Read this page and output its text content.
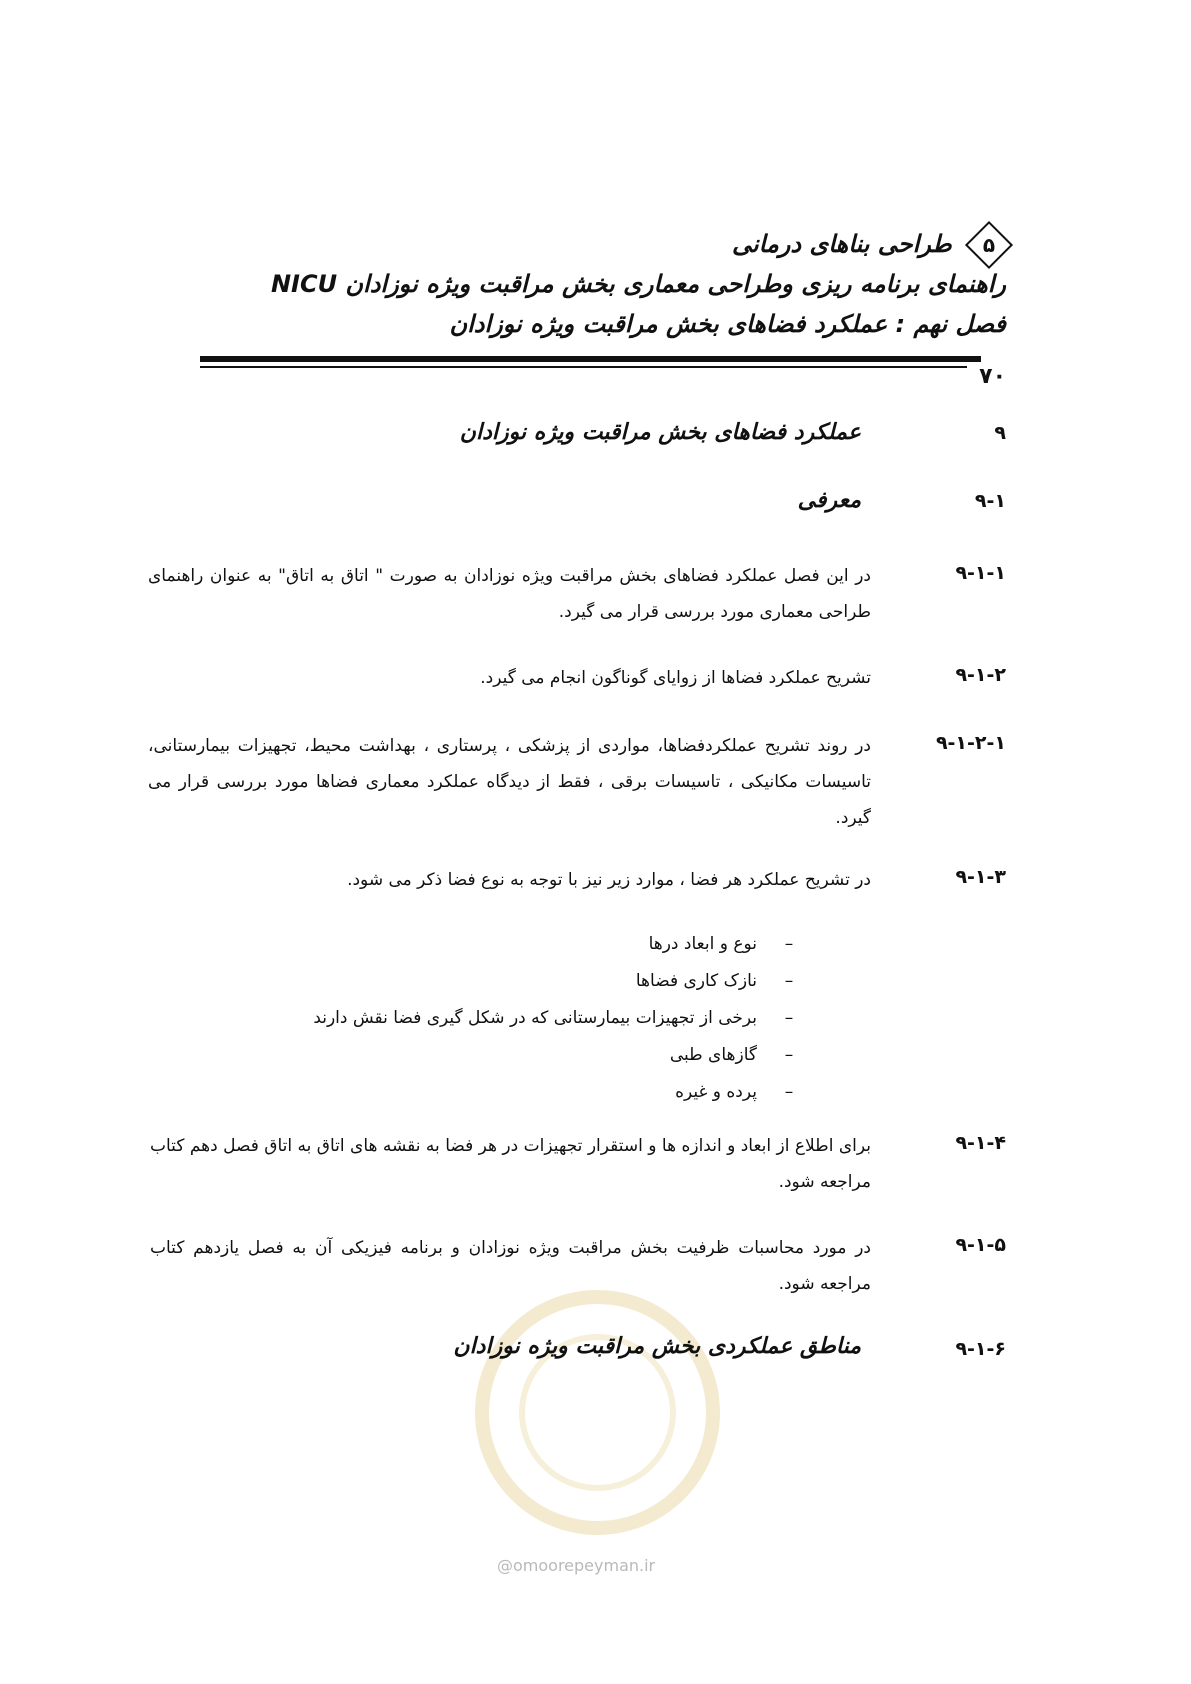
۵
طراحی بناهای درمانی
راهنمای برنامه ریزی وطراحی معماری بخش مراقبت ویژه نوزادان NICU
فصل نهم : عملکرد فضاهای بخش مراقبت ویژه نوزادان
۷۰
۹
عملکرد فضاهای بخش مراقبت ویژه نوزادان
۹-۱
معرفی
۹-۱-۱
در این فصل عملکرد فضاهای بخش مراقبت ویژه نوزادان به صورت " اتاق به اتاق" به عنوان راهنمای طراحی معماری مورد بررسی قرار می گیرد.
۹-۱-۲
تشریح عملکرد فضاها از زوایای گوناگون انجام می گیرد.
۹-۱-۲-۱
در روند تشریح عملکردفضاها، مواردی از پزشکی ، پرستاری ، بهداشت محیط، تجهیزات بیمارستانی، تاسیسات مکانیکی ، تاسیسات برقی ، فقط از دیدگاه عملکرد معماری فضاها مورد بررسی قرار می گیرد.
۹-۱-۳
در تشریح عملکرد هر فضا ، موارد زیر نیز با توجه به نوع فضا ذکر می شود.
–نوع و ابعاد درها
–نازک کاری فضاها
–برخی از تجهیزات بیمارستانی که در شکل گیری فضا نقش دارند
–گازهای طبی
–پرده و غیره
۹-۱-۴
برای اطلاع از ابعاد و اندازه ها و استقرار تجهیزات در هر فضا به نقشه های اتاق به اتاق فصل دهم کتاب مراجعه شود.
۹-۱-۵
در مورد محاسبات ظرفیت بخش مراقبت ویژه نوزادان و برنامه فیزیکی آن به فصل یازدهم کتاب مراجعه شود.
@omoorepeyman.ir
۹-۱-۶
مناطق عملکردی بخش مراقبت ویژه نوزادان
